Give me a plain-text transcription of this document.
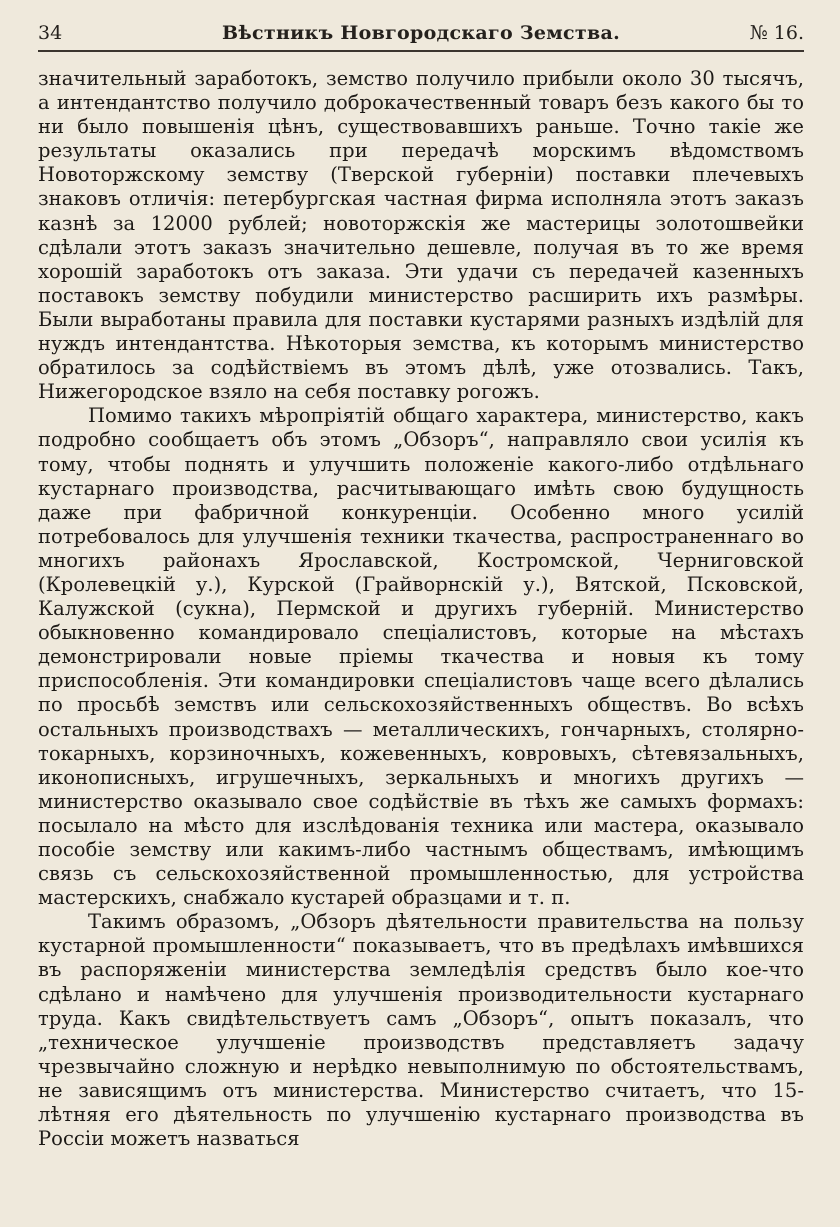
34	Вѣстникъ Новгородскаго Земства.	№ 16.

значительный заработокъ, земство получило прибыли около 30 тысячъ, а интендантство получило доброкачественный товаръ безъ какого бы то ни было повышенія цѣнъ, существовавшихъ раньше. Точно такіе же результаты оказались при передачѣ морскимъ вѣдомствомъ Новоторжскому земству (Тверской губерніи) поставки плечевыхъ знаковъ отличія: петербургская частная фирма исполняла этотъ заказъ казнѣ за 12000 рублей; новоторжскія же мастерицы золотошвейки сдѣлали этотъ заказъ значительно дешевле, получая въ то же время хорошій заработокъ отъ заказа. Эти удачи съ передачей казенныхъ поставокъ земству побудили министерство расширить ихъ размѣры. Были выработаны правила для поставки кустарями разныхъ издѣлій для нуждъ интендантства. Нѣкоторыя земства, къ которымъ министерство обратилось за содѣйствіемъ въ этомъ дѣлѣ, уже отозвались. Такъ, Нижегородское взяло на себя поставку рогожъ.

Помимо такихъ мѣропріятій общаго характера, министерство, какъ подробно сообщаетъ объ этомъ „Обзоръ“, направляло свои усилія къ тому, чтобы поднять и улучшить положеніе какого-либо отдѣльнаго кустарнаго производства, расчитывающаго имѣть свою будущность даже при фабричной конкуренціи. Особенно много усилій потребовалось для улучшенія техники ткачества, распространеннаго во многихъ районахъ Ярославской, Костромской, Черниговской (Кролевецкій у.), Курской (Грайворнскій у.), Вятской, Псковской, Калужской (сукна), Пермской и другихъ губерній. Министерство обыкновенно командировало спеціалистовъ, которые на мѣстахъ демонстрировали новые пріемы ткачества и новыя къ тому приспособленія. Эти командировки спеціалистовъ чаще всего дѣлались по просьбѣ земствъ или сельскохозяйственныхъ обществъ. Во всѣхъ остальныхъ производствахъ — металлическихъ, гончарныхъ, столярно-токарныхъ, корзиночныхъ, кожевенныхъ, ковровыхъ, сѣтевязальныхъ, иконописныхъ, игрушечныхъ, зеркальныхъ и многихъ другихъ — министерство оказывало свое содѣйствіе въ тѣхъ же самыхъ формахъ: посылало на мѣсто для изслѣдованія техника или мастера, оказывало пособіе земству или какимъ-либо частнымъ обществамъ, имѣющимъ связь съ сельскохозяйственной промышленностью, для устройства мастерскихъ, снабжало кустарей образцами и т. п.

Такимъ образомъ, „Обзоръ дѣятельности правительства на пользу кустарной промышленности“ показываетъ, что въ предѣлахъ имѣвшихся въ распоряженіи министерства земледѣлія средствъ было кое-что сдѣлано и намѣчено для улучшенія производительности кустарнаго труда. Какъ свидѣтельствуетъ самъ „Обзоръ“, опытъ показалъ, что „техническое улучшеніе производствъ представляетъ задачу чрезвычайно сложную и нерѣдко невыполнимую по обстоятельствамъ, не зависящимъ отъ министерства. Министерство считаетъ, что 15-лѣтняя его дѣятельность по улучшенію кустарнаго производства въ Россіи можетъ назваться
